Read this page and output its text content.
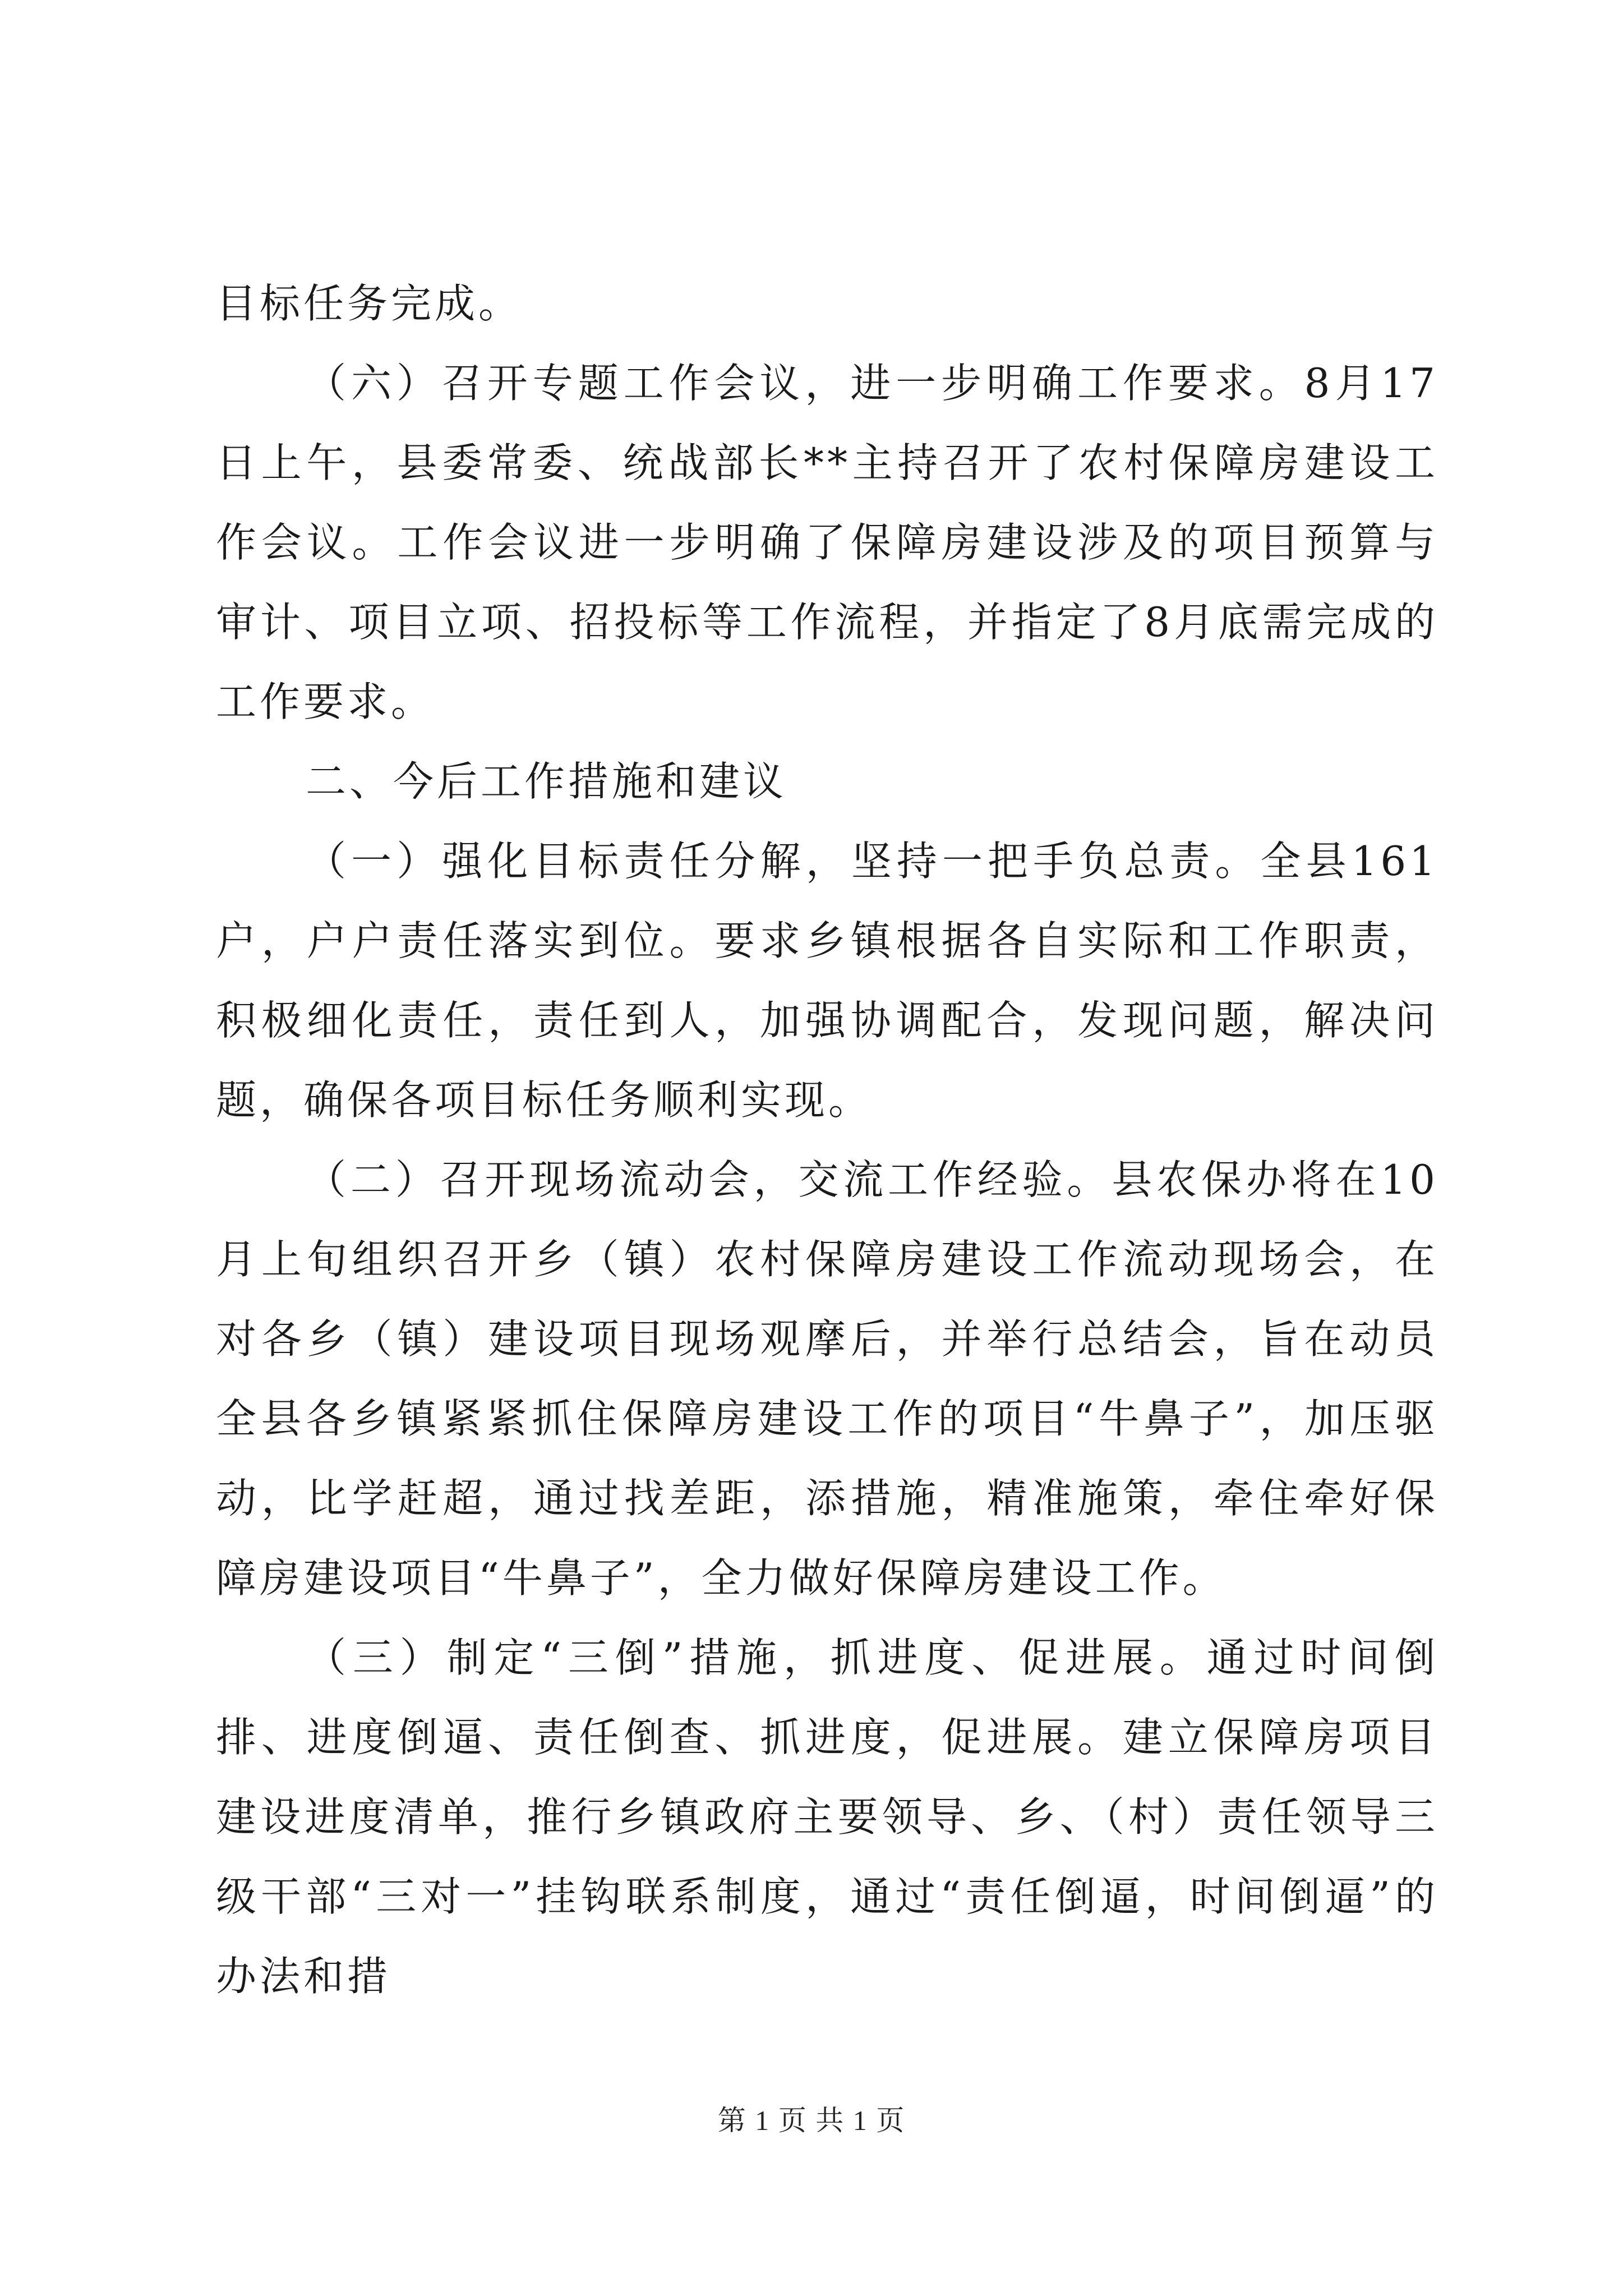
目标任务完成。

（六）召开专题工作会议，进一步明确工作要求。8月17日上午，县委常委、统战部长**主持召开了农村保障房建设工作会议。工作会议进一步明确了保障房建设涉及的项目预算与审计、项目立项、招投标等工作流程，并指定了8月底需完成的工作要求。

二、今后工作措施和建议

（一）强化目标责任分解，坚持一把手负总责。全县161户，户户责任落实到位。要求乡镇根据各自实际和工作职责，积极细化责任，责任到人，加强协调配合，发现问题，解决问题，确保各项目标任务顺利实现。

（二）召开现场流动会，交流工作经验。县农保办将在10月上旬组织召开乡（镇）农村保障房建设工作流动现场会，在对各乡（镇）建设项目现场观摩后，并举行总结会，旨在动员全县各乡镇紧紧抓住保障房建设工作的项目“牛鼻子”，加压驱动，比学赶超，通过找差距，添措施，精准施策，牵住牵好保障房建设项目“牛鼻子”，全力做好保障房建设工作。

（三）制定“三倒”措施，抓进度、促进展。通过时间倒排、进度倒逼、责任倒查、抓进度，促进展。建立保障房项目建设进度清单，推行乡镇政府主要领导、乡、（村）责任领导三级干部“三对一”挂钩联系制度，通过“责任倒逼，时间倒逼”的办法和措

第 1 页 共 1 页
